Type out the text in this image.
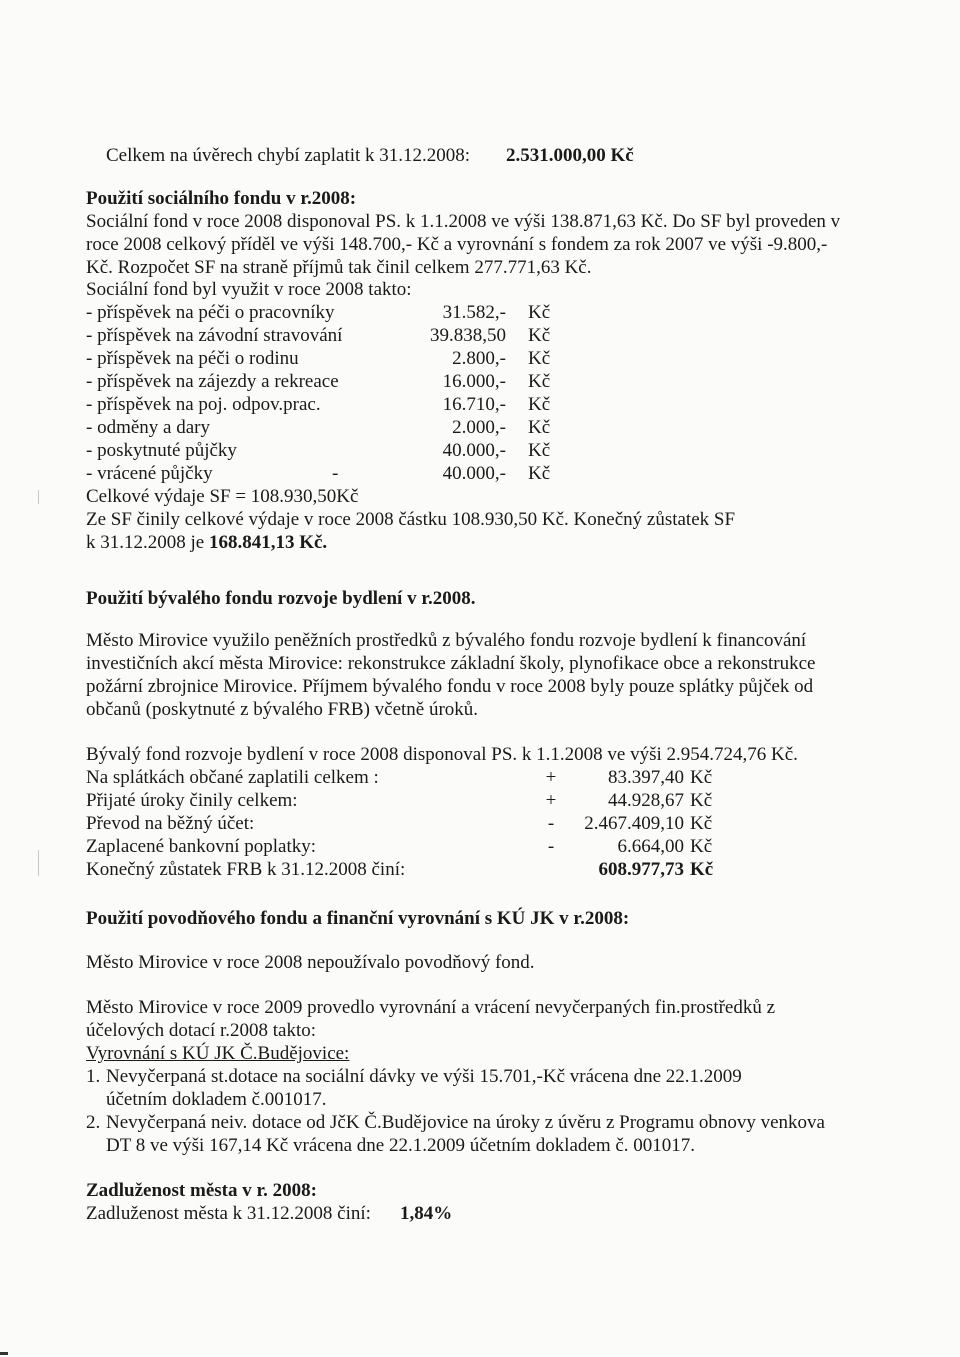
Celkem na úvěrech chybí zaplatit k 31.12.2008: 2.531.000,00 Kč
Použití sociálního fondu v r.2008:
Sociální fond v roce 2008 disponoval PS. k 1.1.2008 ve výši 138.871,63 Kč. Do SF byl proveden v
roce 2008 celkový příděl ve výši 148.700,- Kč a vyrovnání s fondem za rok 2007 ve výši -9.800,-
Kč. Rozpočet SF na straně příjmů tak činil celkem 277.771,63 Kč.
Sociální fond byl využit v roce 2008 takto:
- příspěvek na péči o pracovníky	31.582,- Kč
- příspěvek na závodní stravování	39.838,50 Kč
- příspěvek na péči o rodinu	2.800,- Kč
- příspěvek na zájezdy a rekreace	16.000,- Kč
- příspěvek na poj. odpov.prac.	16.710,- Kč
- odměny a dary	2.000,- Kč
- poskytnuté půjčky	40.000,- Kč
- vrácené půjčky	-	40.000,- Kč
Celkové výdaje SF = 108.930,50Kč
Ze SF činily celkové výdaje v roce 2008 částku 108.930,50 Kč. Konečný zůstatek SF
k 31.12.2008 je 168.841,13 Kč.
Použití bývalého fondu rozvoje bydlení v r.2008.
Město Mirovice využilo peněžních prostředků z bývalého fondu rozvoje bydlení k financování
investičních akcí města Mirovice: rekonstrukce základní školy, plynofikace obce a rekonstrukce
požární zbrojnice Mirovice. Příjmem bývalého fondu v roce 2008 byly pouze splátky půjček od
občanů (poskytnuté z bývalého FRB) včetně úroků.
Bývalý fond rozvoje bydlení v roce 2008 disponoval PS. k 1.1.2008 ve výši 2.954.724,76 Kč.
Na splátkách občané zaplatili celkem :	+	83.397,40 Kč
Přijaté úroky činily celkem:	+	44.928,67 Kč
Převod na běžný účet:	-	2.467.409,10 Kč
Zaplacené bankovní poplatky:	-	6.664,00 Kč
Konečný zůstatek FRB k 31.12.2008 činí:	608.977,73 Kč
Použití povodňového fondu a finanční vyrovnání s KÚ JK v r.2008:
Město Mirovice v roce 2008 nepoužívalo povodňový fond.
Město Mirovice v roce 2009 provedlo vyrovnání a vrácení nevyčerpaných fin.prostředků z
účelových dotací r.2008 takto:
Vyrovnání s KÚ JK Č.Budějovice:
1. Nevyčerpaná st.dotace na sociální dávky ve výši 15.701,-Kč vrácena dne 22.1.2009
účetním dokladem č.001017.
2. Nevyčerpaná neiv. dotace od JčK Č.Budějovice na úroky z úvěru z Programu obnovy venkova
DT 8 ve výši 167,14 Kč vrácena dne 22.1.2009 účetním dokladem č. 001017.
Zadluženost města v r. 2008:
Zadluženost města k 31.12.2008 činí: 1,84%
